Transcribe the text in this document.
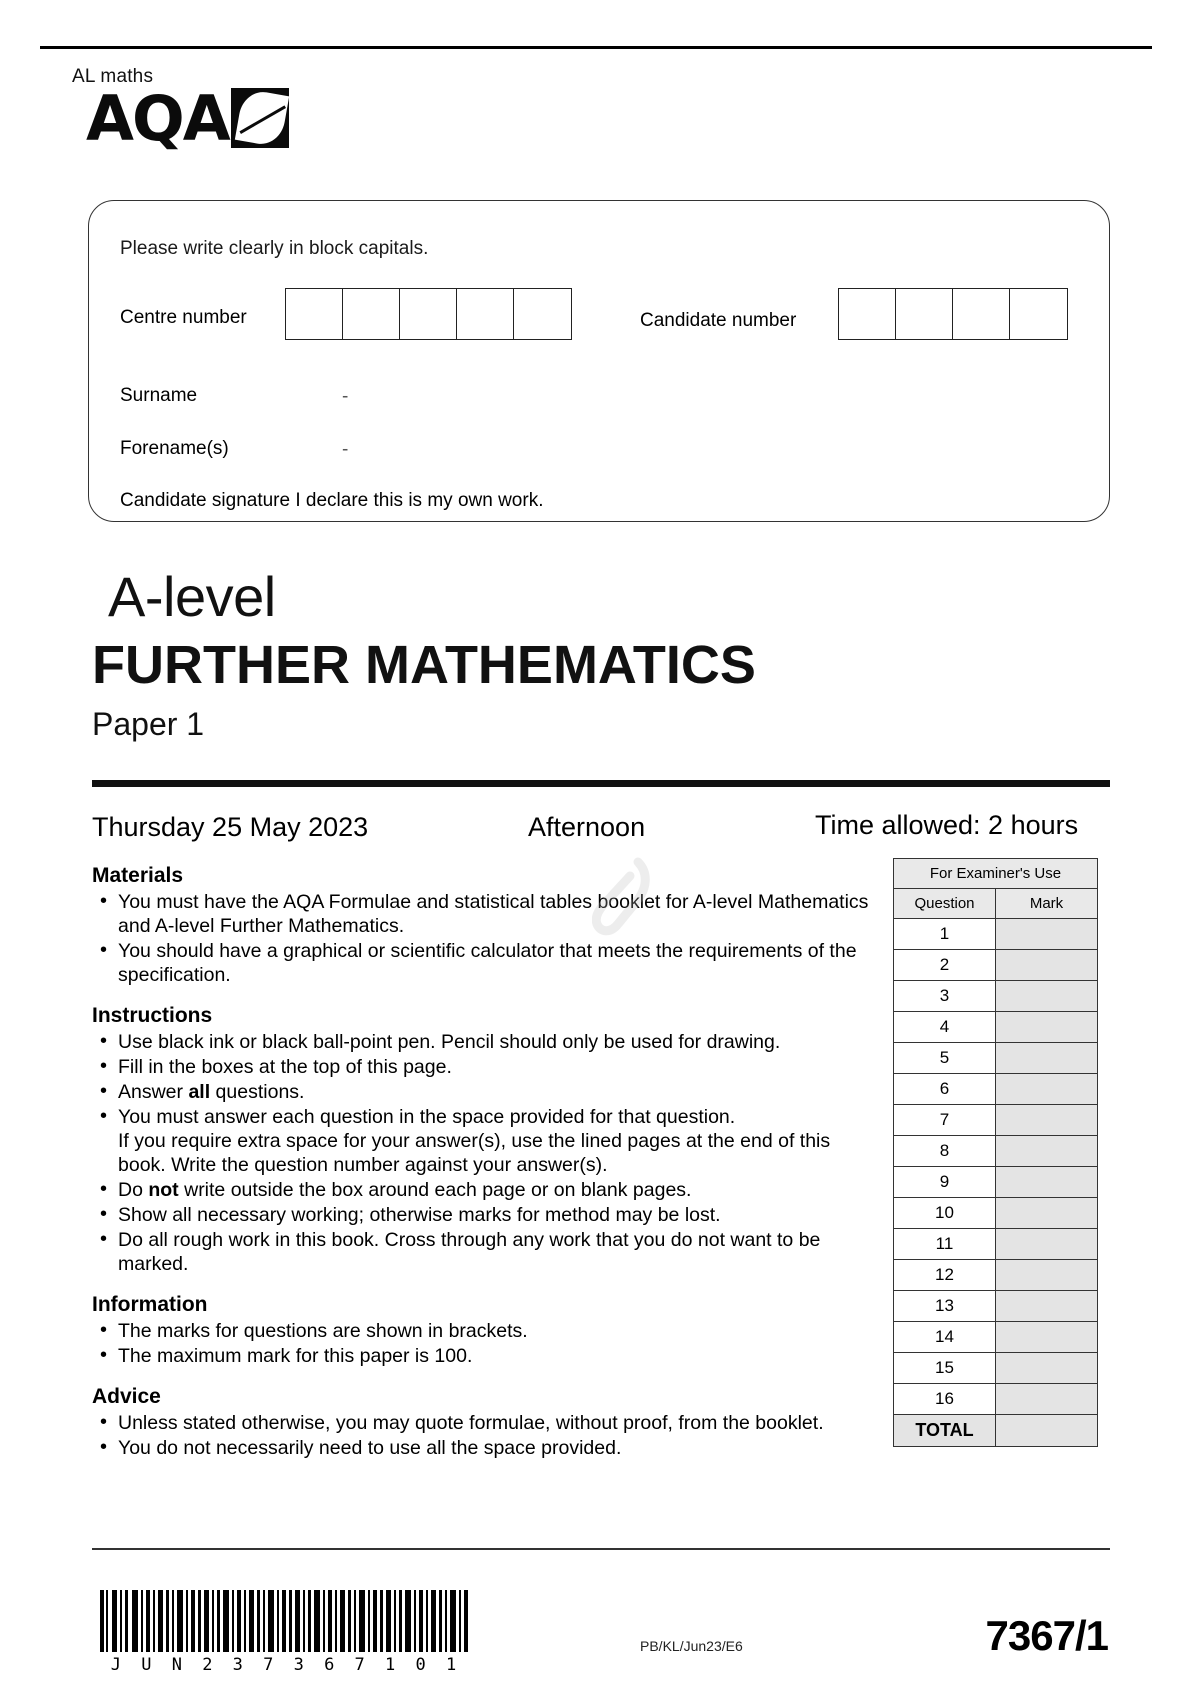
AL maths
AQA
Please write clearly in block capitals.
Centre number	Candidate number
Surname	-
Forename(s)	-
Candidate signature I declare this is my own work.
A-level
FURTHER MATHEMATICS
Paper 1
Thursday 25 May 2023	Afternoon	Time allowed: 2 hours
Materials
• You must have the AQA Formulae and statistical tables booklet for A-level Mathematics and A-level Further Mathematics.
• You should have a graphical or scientific calculator that meets the requirements of the specification.
Instructions
• Use black ink or black ball-point pen. Pencil should only be used for drawing.
• Fill in the boxes at the top of this page.
• Answer all questions.
• You must answer each question in the space provided for that question.
If you require extra space for your answer(s), use the lined pages at the end of this book. Write the question number against your answer(s).
• Do not write outside the box around each page or on blank pages.
• Show all necessary working; otherwise marks for method may be lost.
• Do all rough work in this book. Cross through any work that you do not want to be marked.
Information
• The marks for questions are shown in brackets.
• The maximum mark for this paper is 100.
Advice
• Unless stated otherwise, you may quote formulae, without proof, from the booklet.
• You do not necessarily need to use all the space provided.
For Examiner's Use
Question	Mark
1
2
3
4
5
6
7
8
9
10
11
12
13
14
15
16
TOTAL
J U N 2 3 7 3 6 7 1 0 1
PB/KL/Jun23/E6	7367/1
